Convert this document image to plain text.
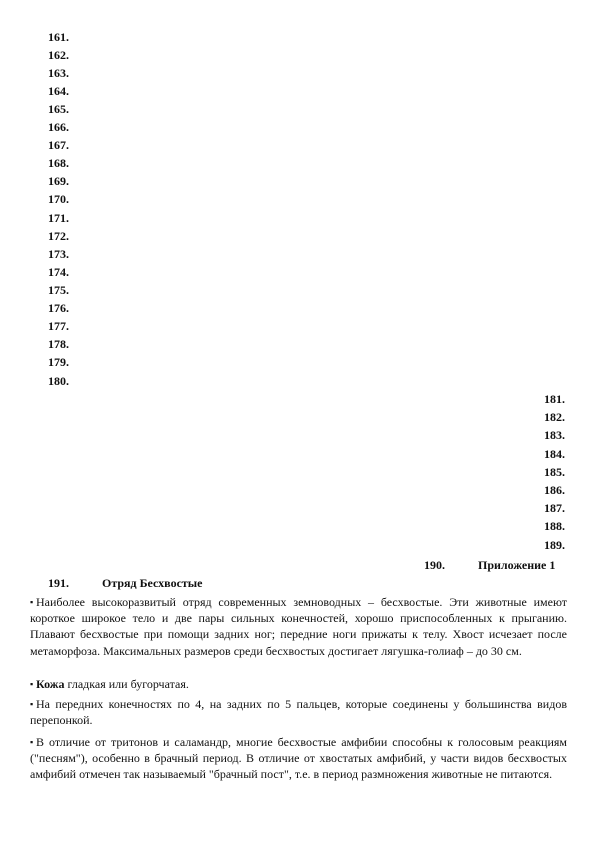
161.
162.
163.
164.
165.
166.
167.
168.
169.
170.
171.
172.
173.
174.
175.
176.
177.
178.
179.
180.
181.
182.
183.
184.
185.
186.
187.
188.
189.
190.	Приложение 1
191.	Отряд Бесхвостые
▪ Наиболее высокоразвитый отряд современных земноводных – бесхвостые. Эти животные имеют короткое широкое тело и две пары сильных конечностей, хорошо приспособленных к прыганию. Плавают бесхвостые при помощи задних ног; передние ноги прижаты к телу. Хвост исчезает после метаморфоза. Максимальных размеров среди бесхвостых достигает лягушка-голиаф – до 30 см.
▪ Кожа гладкая или бугорчатая.
▪ На передних конечностях по 4, на задних по 5 пальцев, которые соединены у большинства видов перепонкой.
▪ В отличие от тритонов и саламандр, многие бесхвостые амфибии способны к голосовым реакциям ("песням"), особенно в брачный период. В отличие от хвостатых амфибий, у части видов бесхвостых амфибий отмечен так называемый "брачный пост", т.е. в период размножения животные не питаются.
